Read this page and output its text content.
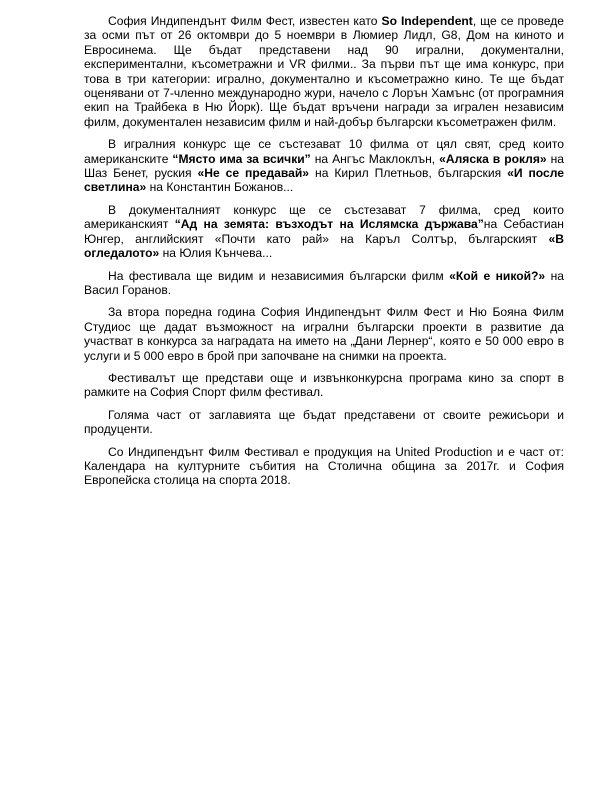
София Индипендънт Филм Фест, известен като So Independent, ще се проведе за осми път от 26 октомври до 5 ноември в Люмиер Лидл, G8, Дом на киното и Евросинема. Ще бъдат представени над 90 игрални, документални, експериментални, късометражни и VR филми.. За първи път ще има конкурс, при това в три категории: игрално, документално и късометражно кино. Те ще бъдат оценявани от 7-членно международно жури, начело с Лорън Хамънс (от програмния екип на Трайбека в Ню Йорк). Ще бъдат връчени награди за игрален независим филм, документален независим филм и най-добър български късометражен филм.

В игралния конкурс ще се състезават 10 филма от цял свят, сред които американските “Място има за всички” на Ангъс Маклоклън, «Аляска в рокля» на Шаз Бенет, руския «Не се предавай» на Кирил Плетньов, българския «И после светлина» на Константин Божанов...

В документалният конкурс ще се състезават 7 филма, сред които американският “Ад на земята: възходът на Ислямска държава”на Себастиан Юнгер, английският «Почти като рай» на Каръл Солтър, българският «В огледалото» на Юлия Кънчева...

На фестивала ще видим и независимия български филм «Кой е никой?» на Васил Горанов.

За втора поредна година София Индипендънт Филм Фест и Ню Бояна Филм Студиос ще дадат възможност на игрални български проекти в развитие да участват в конкурса за наградата на името на „Дани Лернер“, която е 50 000 евро в услуги и 5 000 евро в брой при започване на снимки на проекта.

Фестивалът ще представи още и извънконкурсна програма кино за спорт в рамките на София Спорт филм фестивал.

Голяма част от заглавията ще бъдат представени от своите режисьори и продуценти.

Со Индипендънт Филм Фестивал е продукция на United Production и е част от: Календара на културните събития на Столична община за 2017г. и София Европейска столица на спорта 2018.
